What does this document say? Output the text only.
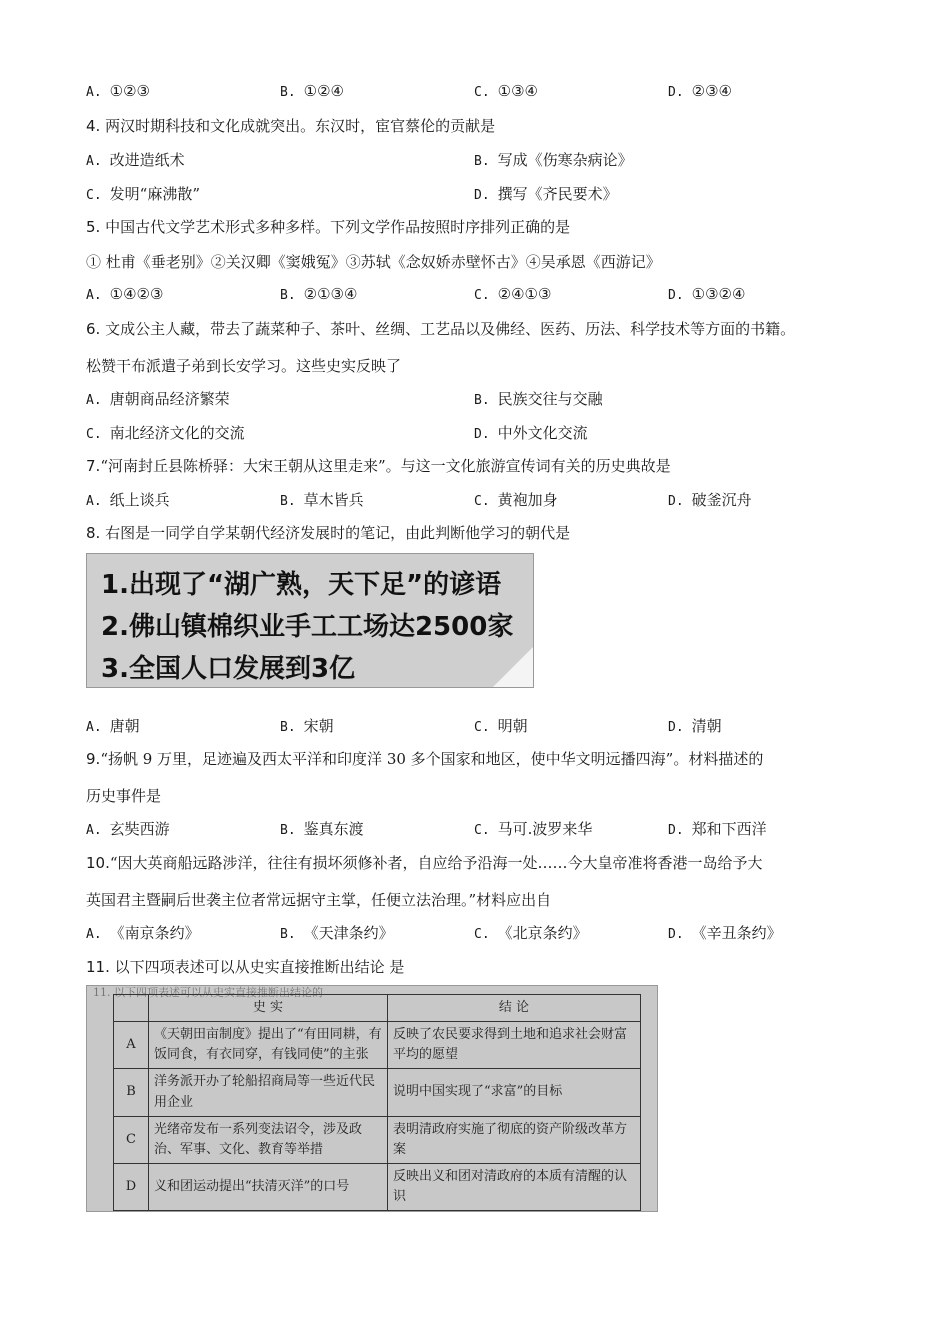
A. ①②③	B. ①②④	C. ①③④	D. ②③④
4. 两汉时期科技和文化成就突出。东汉时，宦官蔡伦的贡献是
A. 改进造纸术	B. 写成《伤寒杂病论》
C. 发明“麻沸散”	D. 撰写《齐民要术》
5. 中国古代文学艺术形式多种多样。下列文学作品按照时序排列正确的是
① 杜甫《垂老别》②关汉卿《窦娥冤》③苏轼《念奴娇赤壁怀古》④吴承恩《西游记》
A. ①④②③	B. ②①③④	C. ②④①③	D. ①③②④
6. 文成公主人藏，带去了蔬菜种子、茶叶、丝绸、工艺品以及佛经、医药、历法、科学技术等方面的书籍。
松赞干布派遣子弟到长安学习。这些史实反映了
A. 唐朝商品经济繁荣	B. 民族交往与交融
C. 南北经济文化的交流	D. 中外文化交流
7.“河南封丘县陈桥驿：大宋王朝从这里走来”。与这一文化旅游宣传词有关的历史典故是
A. 纸上谈兵	B. 草木皆兵	C. 黄袍加身	D. 破釜沉舟
8. 右图是一同学自学某朝代经济发展时的笔记，由此判断他学习的朝代是
1.出现了“湖广熟，天下足”的谚语
2.佛山镇棉织业手工工场达2500家
3.全国人口发展到3亿
A. 唐朝	B. 宋朝	C. 明朝	D. 清朝
9.“扬帆 9 万里，足迹遍及西太平洋和印度洋 30 多个国家和地区，使中华文明远播四海”。材料描述的
历史事件是
A. 玄奘西游	B. 鉴真东渡	C. 马可.波罗来华	D. 郑和下西洋
10.“因大英商船远路涉洋，往往有损坏须修补者，自应给予沿海一处……今大皇帝准将香港一岛给予大
英国君主暨嗣后世袭主位者常远据守主掌，任便立法治理。”材料应出自
A. 《南京条约》	B. 《天津条约》	C. 《北京条约》	D. 《辛丑条约》
11. 以下四项表述可以从史实直接推断出结论 是
11. 以下四项表述可以从史实直接推断出结论的
	史 实	结 论
A	《天朝田亩制度》提出了“有田同耕，有饭同食，有衣同穿，有钱同使”的主张	反映了农民要求得到土地和追求社会财富平均的愿望
B	洋务派开办了轮船招商局等一些近代民用企业	说明中国实现了“求富”的目标
C	光绪帝发布一系列变法诏令，涉及政治、军事、文化、教育等举措	表明清政府实施了彻底的资产阶级改革方案
D	义和团运动提出“扶清灭洋”的口号	反映出义和团对清政府的本质有清醒的认识
